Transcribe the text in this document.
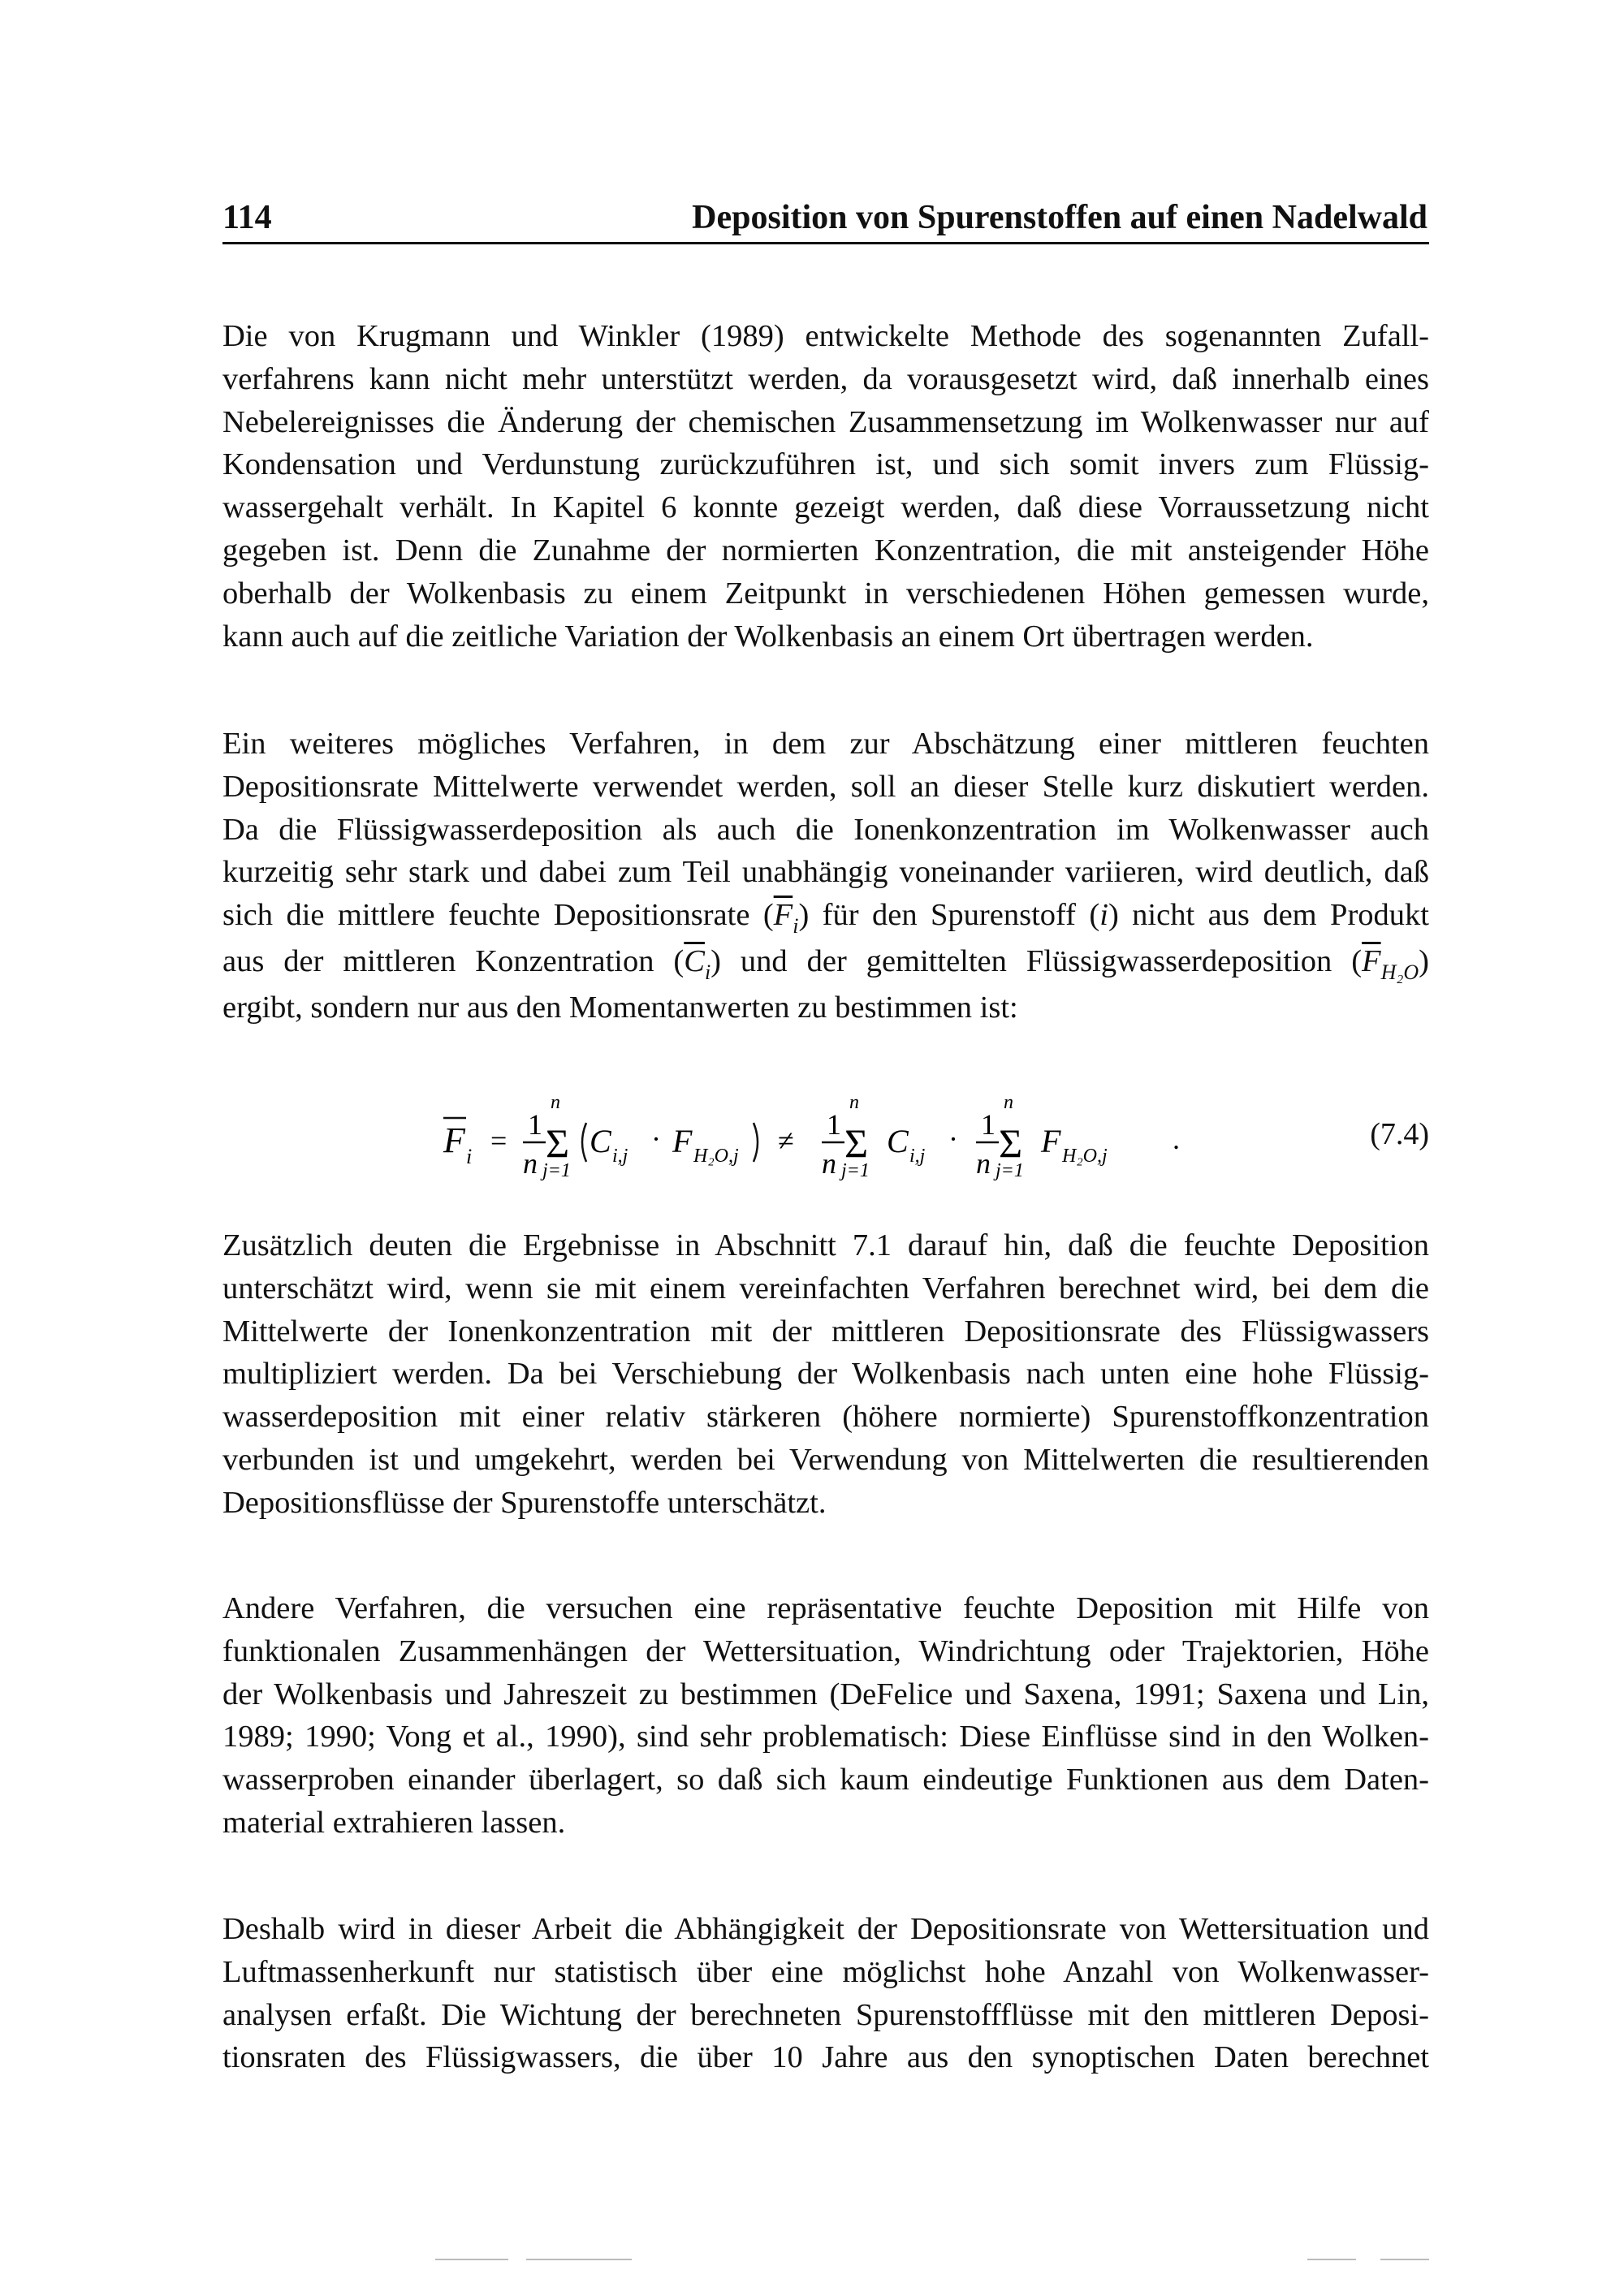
114	Deposition von Spurenstoffen auf einen Nadelwald
Die von Krugmann und Winkler (1989) entwickelte Methode des sogenannten Zufall-
verfahrens kann nicht mehr unterstützt werden, da vorausgesetzt wird, daß innerhalb eines
Nebelereignisses die Änderung der chemischen Zusammensetzung im Wolkenwasser nur auf
Kondensation und Verdunstung zurückzuführen ist, und sich somit invers zum Flüssig-
wassergehalt verhält. In Kapitel 6 konnte gezeigt werden, daß diese Vorraussetzung nicht
gegeben ist. Denn die Zunahme der normierten Konzentration, die mit ansteigender Höhe
oberhalb der Wolkenbasis zu einem Zeitpunkt in verschiedenen Höhen gemessen wurde,
kann auch auf die zeitliche Variation der Wolkenbasis an einem Ort übertragen werden.
Ein weiteres mögliches Verfahren, in dem zur Abschätzung einer mittleren feuchten
Depositionsrate Mittelwerte verwendet werden, soll an dieser Stelle kurz diskutiert werden.
Da die Flüssigwasserdeposition als auch die Ionenkonzentration im Wolkenwasser auch
kurzeitig sehr stark und dabei zum Teil unabhängig voneinander variieren, wird deutlich, daß
sich die mittlere feuchte Depositionsrate $(\overline{F}_i)$ für den Spurenstoff (i) nicht aus dem Produkt
aus der mittleren Konzentration $(\overline{C}_i)$ und der gemittelten Flüssigwasserdeposition $(\overline{F}_{H_2O})$
ergibt, sondern nur aus den Momentanwerten zu bestimmen ist:
F i = 1
n
n
Σ
j=1
C i,j
· F H₂O,j ≠ 1
n
n
Σ
j=1
C i,j
· 1
n
n
Σ
j=1
F H₂O,j
.	(7.4)
Zusätzlich deuten die Ergebnisse in Abschnitt 7.1 darauf hin, daß die feuchte Deposition
unterschätzt wird, wenn sie mit einem vereinfachten Verfahren berechnet wird, bei dem die
Mittelwerte der Ionenkonzentration mit der mittleren Depositionsrate des Flüssigwassers
multipliziert werden. Da bei Verschiebung der Wolkenbasis nach unten eine hohe Flüssig-
wasserdeposition mit einer relativ stärkeren (höhere normierte) Spurenstoffkonzentration
verbunden ist und umgekehrt, werden bei Verwendung von Mittelwerten die resultierenden
Depositionsflüsse der Spurenstoffe unterschätzt.
Andere Verfahren, die versuchen eine repräsentative feuchte Deposition mit Hilfe von
funktionalen Zusammenhängen der Wettersituation, Windrichtung oder Trajektorien, Höhe
der Wolkenbasis und Jahreszeit zu bestimmen (DeFelice und Saxena, 1991; Saxena und Lin,
1989; 1990; Vong et al., 1990), sind sehr problematisch: Diese Einflüsse sind in den Wolken-
wasserproben einander überlagert, so daß sich kaum eindeutige Funktionen aus dem Daten-
material extrahieren lassen.
Deshalb wird in dieser Arbeit die Abhängigkeit der Depositionsrate von Wettersituation und
Luftmassenherkunft nur statistisch über eine möglichst hohe Anzahl von Wolkenwasser-
analysen erfaßt. Die Wichtung der berechneten Spurenstoffflüsse mit den mittleren Deposi-
tionsraten des Flüssigwassers, die über 10 Jahre aus den synoptischen Daten berechnet
